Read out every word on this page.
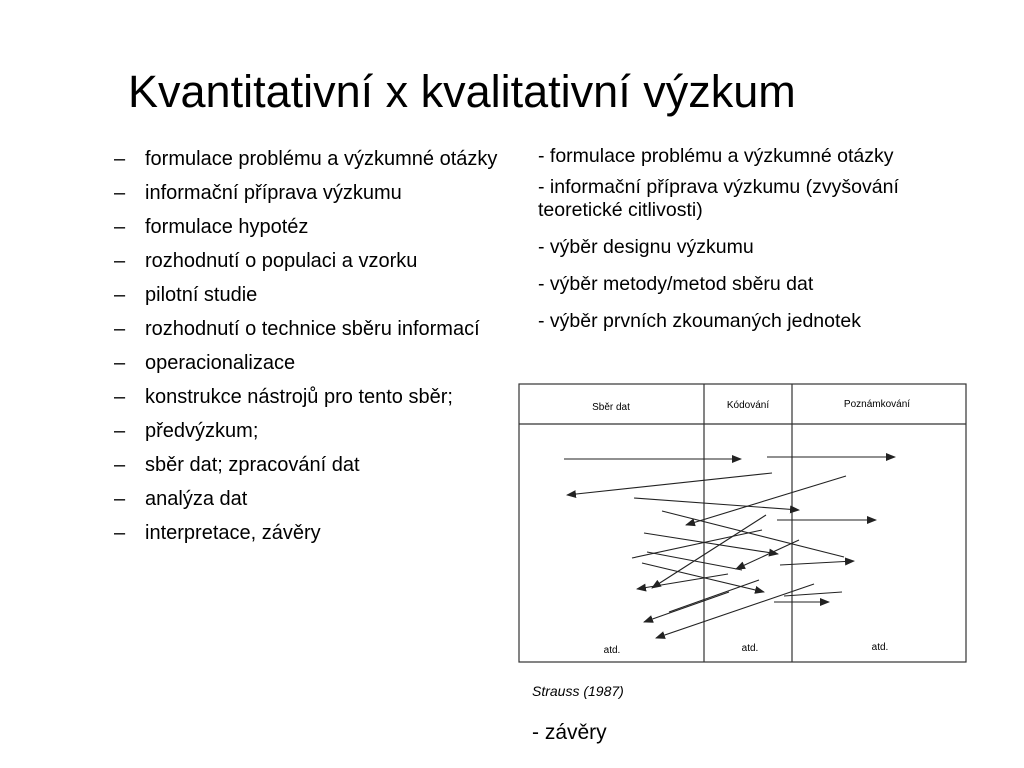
Kvantitativní x kvalitativní výzkum
– formulace problému a výzkumné otázky
– informační příprava výzkumu
– formulace hypotéz
– rozhodnutí o populaci a vzorku
– pilotní studie
– rozhodnutí o technice sběru informací
– operacionalizace
– konstrukce nástrojů pro tento sběr;
– předvýzkum;
– sběr dat; zpracování dat
– analýza dat
– interpretace, závěry
- formulace problému a výzkumné otázky
- informační příprava výzkumu (zvyšování teoretické citlivosti)
- výběr designu výzkumu
- výběr metody/metod sběru dat
- výběr prvních zkoumaných jednotek
Sběr dat	Kódování	Poznámkování
atd.	atd.	atd.
Strauss (1987)
- závěry
